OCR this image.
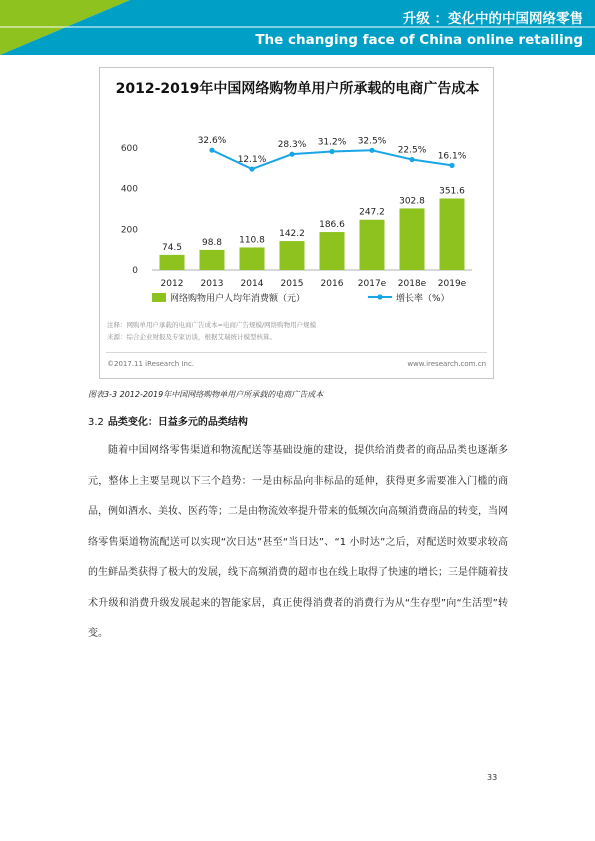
升级 ：变化中的中国网络零售
The changing face of China online retailing
2012-2019年中国网络购物单用户所承载的电商广告成本
600
400
200
0
74.5
2012
98.8
2013
110.8
2014
142.2
2015
186.6
2016
247.2
2017e
302.8
2018e
351.6
2019e
32.6%
12.1%
28.3% 31.2% 32.5%
22.5%
16.1%
网络购物用户人均年消费额（元）	增长率（%）
注释：网购单用户承载的电商广告成本=电商广告规模/网络购物用户规模
来源：综合企业财报及专家访谈，根据艾瑞统计模型核算。
©2017.11 iResearch Inc.	www.iresearch.com.cn
图表3-3 2012-2019年中国网络购物单用户所承载的电商广告成本
3.2 品类变化：日益多元的品类结构
随着中国网络零售渠道和物流配送等基础设施的建设，提供给消费者的商品品类也逐渐多元，整体上主要呈现以下三个趋势：一是由标品向非标品的延伸，获得更多需要准入门槛的商品，例如酒水、美妆、医药等；二是由物流效率提升带来的低频次向高频消费商品的转变，当网络零售渠道物流配送可以实现“次日达”甚至“当日达”、“1 小时达”之后，对配送时效要求较高的生鲜品类获得了极大的发展，线下高频消费的超市也在线上取得了快速的增长；三是伴随着技术升级和消费升级发展起来的智能家居，真正使得消费者的消费行为从“生存型”向“生活型”转变。
33
